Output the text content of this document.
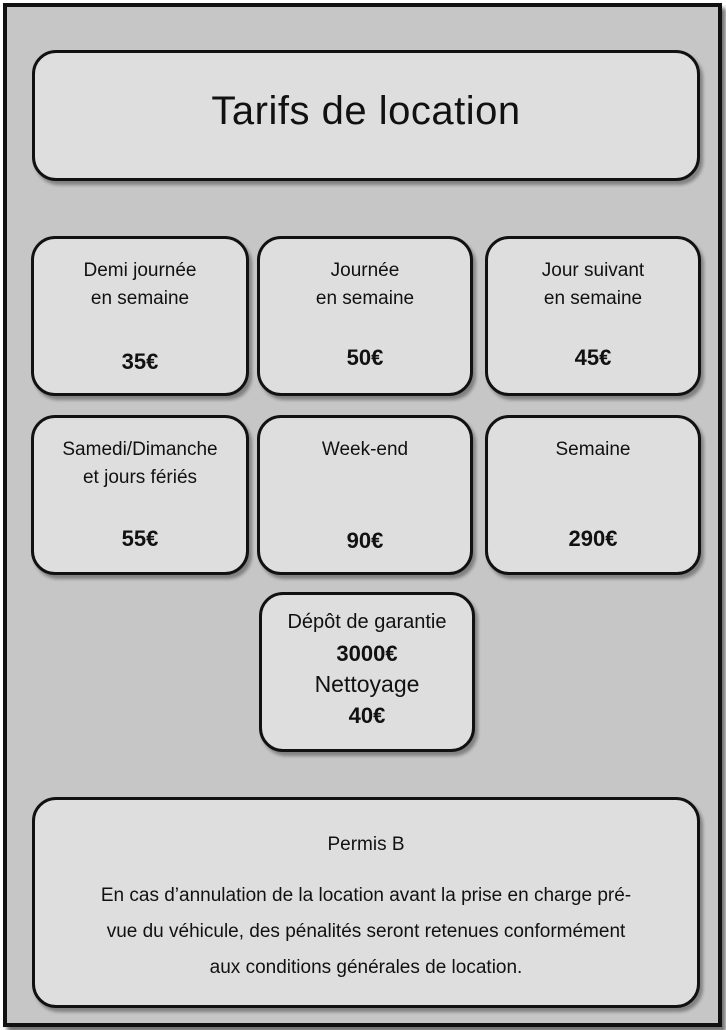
Tarifs de location
Demi journée
en semaine
35€
Journée
en semaine
50€
Jour suivant
en semaine
45€
Samedi/Dimanche
et jours fériés
55€
Week-end
90€
Semaine
290€
Dépôt de garantie
3000€
Nettoyage
40€
Permis B
En cas d’annulation de la location avant la prise en charge pré-
vue du véhicule, des pénalités seront retenues conformément
aux conditions générales de location.
